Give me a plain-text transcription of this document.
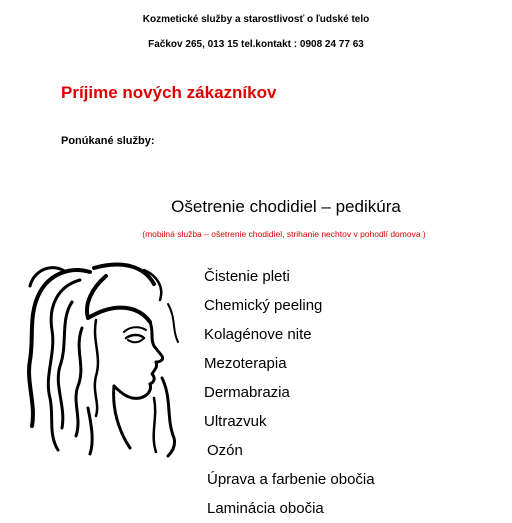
Kozmetické služby a starostlivosť o ľudské telo
Fačkov 265, 013 15 tel.kontakt : 0908 24 77 63
Príjime nových zákazníkov
Ponúkané služby:
Ošetrenie chodidiel – pedikúra
(mobilná služba – ošetrenie chodidiel, strihanie nechtov v pohodlí domova )
Čistenie pleti
Chemický peeling
Kolagénove nite
Mezoterapia
Dermabrazia
Ultrazvuk
Ozón
Úprava a farbenie obočia
Laminácia obočia
